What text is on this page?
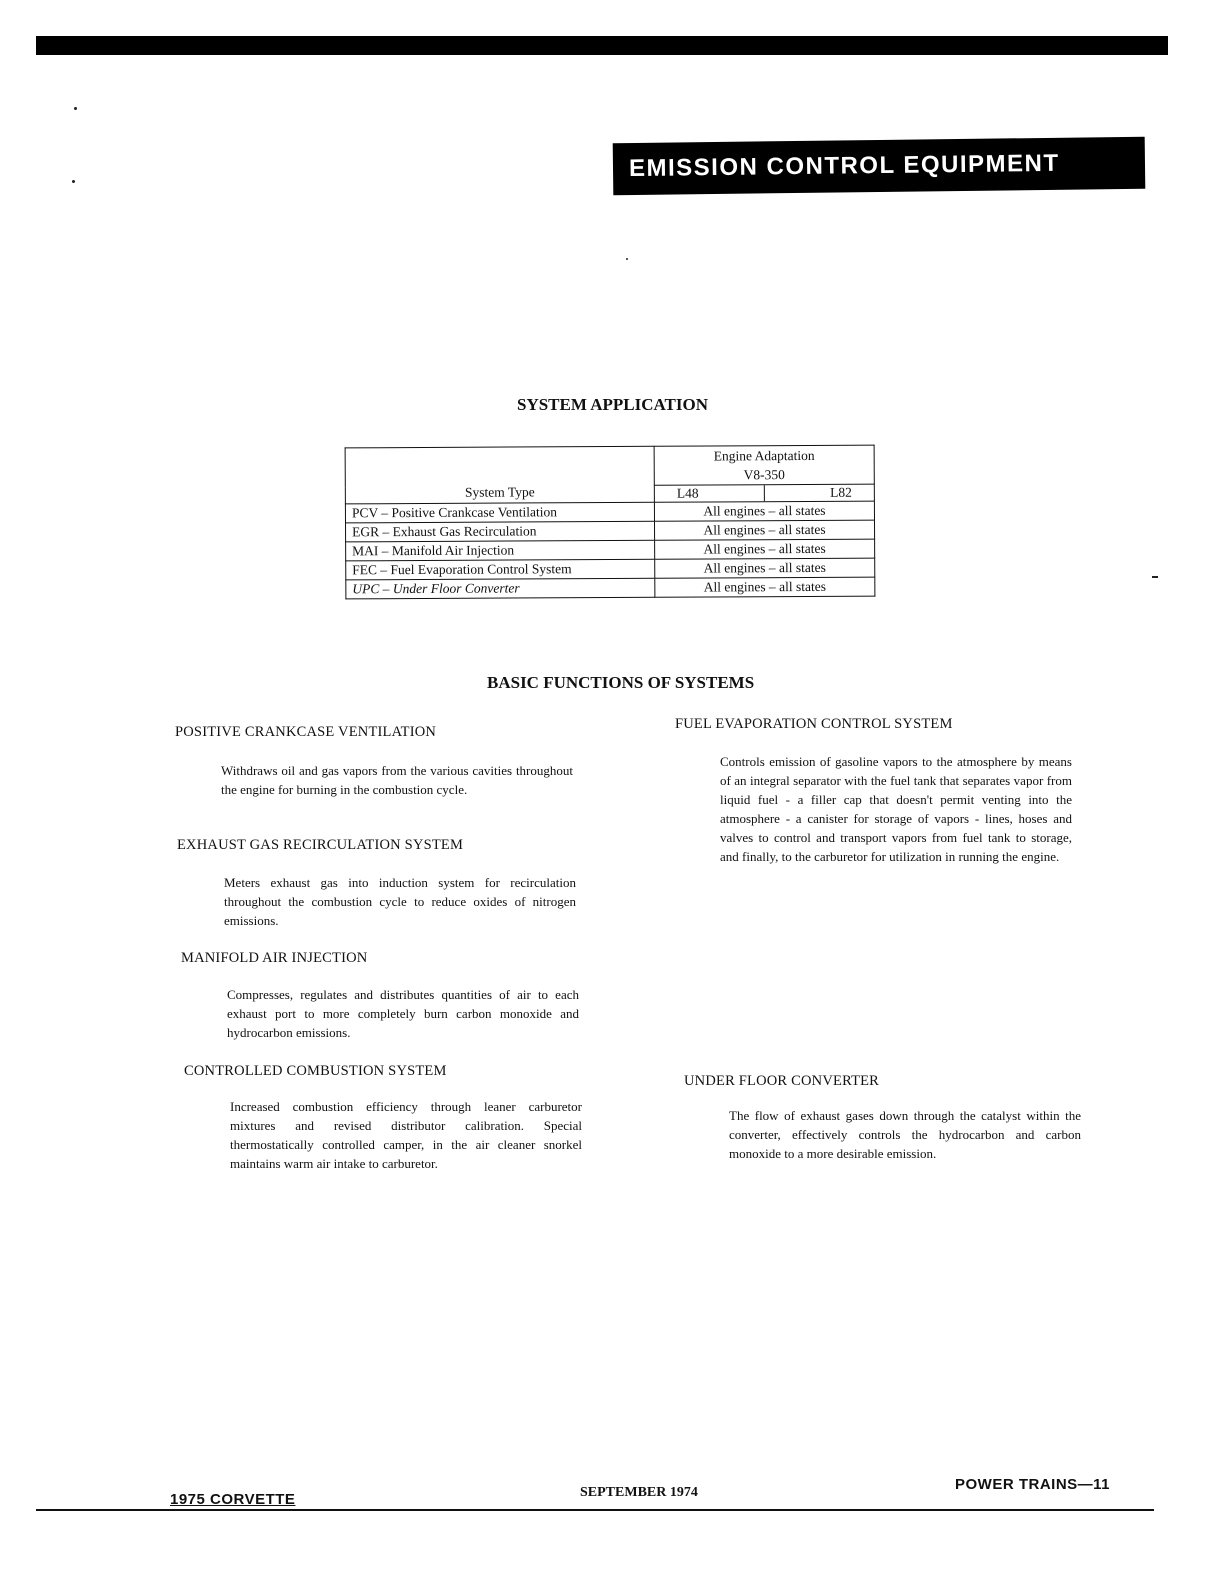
EMISSION CONTROL EQUIPMENT
SYSTEM APPLICATION
System Type	Engine Adaptation
V8-350

	L48 L82

PCV – Positive Crankcase Ventilation	All engines – all states
EGR – Exhaust Gas Recirculation	All engines – all states
MAI – Manifold Air Injection	All engines – all states
FEC – Fuel Evaporation Control System	All engines – all states
UPC – Under Floor Converter	All engines – all states
BASIC FUNCTIONS OF SYSTEMS
POSITIVE CRANKCASE VENTILATION
Withdraws oil and gas vapors from the various cavities throughout the engine for burning in the combustion cycle.
EXHAUST GAS RECIRCULATION SYSTEM
Meters exhaust gas into induction system for recirculation throughout the combustion cycle to reduce oxides of nitrogen emissions.
MANIFOLD AIR INJECTION
Compresses, regulates and distributes quantities of air to each exhaust port to more completely burn carbon monoxide and hydrocarbon emissions.
CONTROLLED COMBUSTION SYSTEM
Increased combustion efficiency through leaner carburetor mixtures and revised distributor calibration. Special thermostatically controlled camper, in the air cleaner snorkel maintains warm air intake to carburetor.
FUEL EVAPORATION CONTROL SYSTEM
Controls emission of gasoline vapors to the atmosphere by means of an integral separator with the fuel tank that separates vapor from liquid fuel - a filler cap that doesn't permit venting into the atmosphere - a canister for storage of vapors - lines, hoses and valves to control and transport vapors from fuel tank to storage, and finally, to the carburetor for utilization in running the engine.
UNDER FLOOR CONVERTER
The flow of exhaust gases down through the catalyst within the converter, effectively controls the hydrocarbon and carbon monoxide to a more desirable emission.
POWER TRAINS—11
SEPTEMBER 1974
1975 CORVETTE
